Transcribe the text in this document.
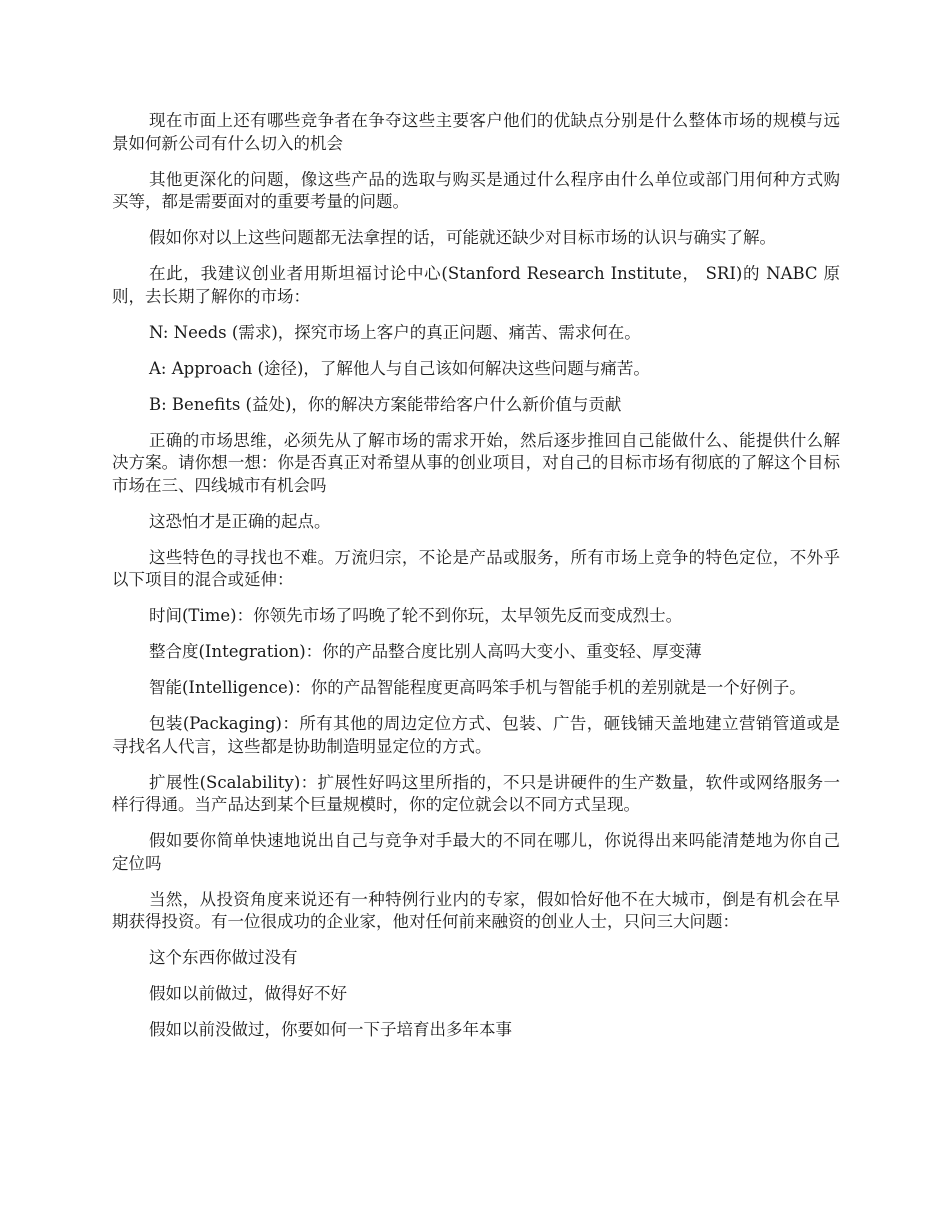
现在市面上还有哪些竞争者在争夺这些主要客户他们的优缺点分别是什么整体市场的规模与远景如何新公司有什么切入的机会

其他更深化的问题，像这些产品的选取与购买是通过什么程序由什么单位或部门用何种方式购买等，都是需要面对的重要考量的问题。

假如你对以上这些问题都无法拿捏的话，可能就还缺少对目标市场的认识与确实了解。

在此，我建议创业者用斯坦福讨论中心(Stanford Research Institute， SRI)的 NABC 原则，去长期了解你的市场：

N: Needs (需求)，探究市场上客户的真正问题、痛苦、需求何在。

A: Approach (途径)，了解他人与自己该如何解决这些问题与痛苦。

B: Benefits (益处)，你的解决方案能带给客户什么新价值与贡献

正确的市场思维，必须先从了解市场的需求开始，然后逐步推回自己能做什么、能提供什么解决方案。请你想一想：你是否真正对希望从事的创业项目，对自己的目标市场有彻底的了解这个目标市场在三、四线城市有机会吗

这恐怕才是正确的起点。

这些特色的寻找也不难。万流归宗，不论是产品或服务，所有市场上竞争的特色定位，不外乎以下项目的混合或延伸：

时间(Time)：你领先市场了吗晚了轮不到你玩，太早领先反而变成烈士。

整合度(Integration)：你的产品整合度比别人高吗大变小、重变轻、厚变薄

智能(Intelligence)：你的产品智能程度更高吗笨手机与智能手机的差别就是一个好例子。

包装(Packaging)：所有其他的周边定位方式、包装、广告，砸钱铺天盖地建立营销管道或是寻找名人代言，这些都是协助制造明显定位的方式。

扩展性(Scalability)：扩展性好吗这里所指的，不只是讲硬件的生产数量，软件或网络服务一样行得通。当产品达到某个巨量规模时，你的定位就会以不同方式呈现。

假如要你简单快速地说出自己与竞争对手最大的不同在哪儿，你说得出来吗能清楚地为你自己定位吗

当然，从投资角度来说还有一种特例行业内的专家，假如恰好他不在大城市，倒是有机会在早期获得投资。有一位很成功的企业家，他对任何前来融资的创业人士，只问三大问题：

这个东西你做过没有

假如以前做过，做得好不好

假如以前没做过，你要如何一下子培育出多年本事
